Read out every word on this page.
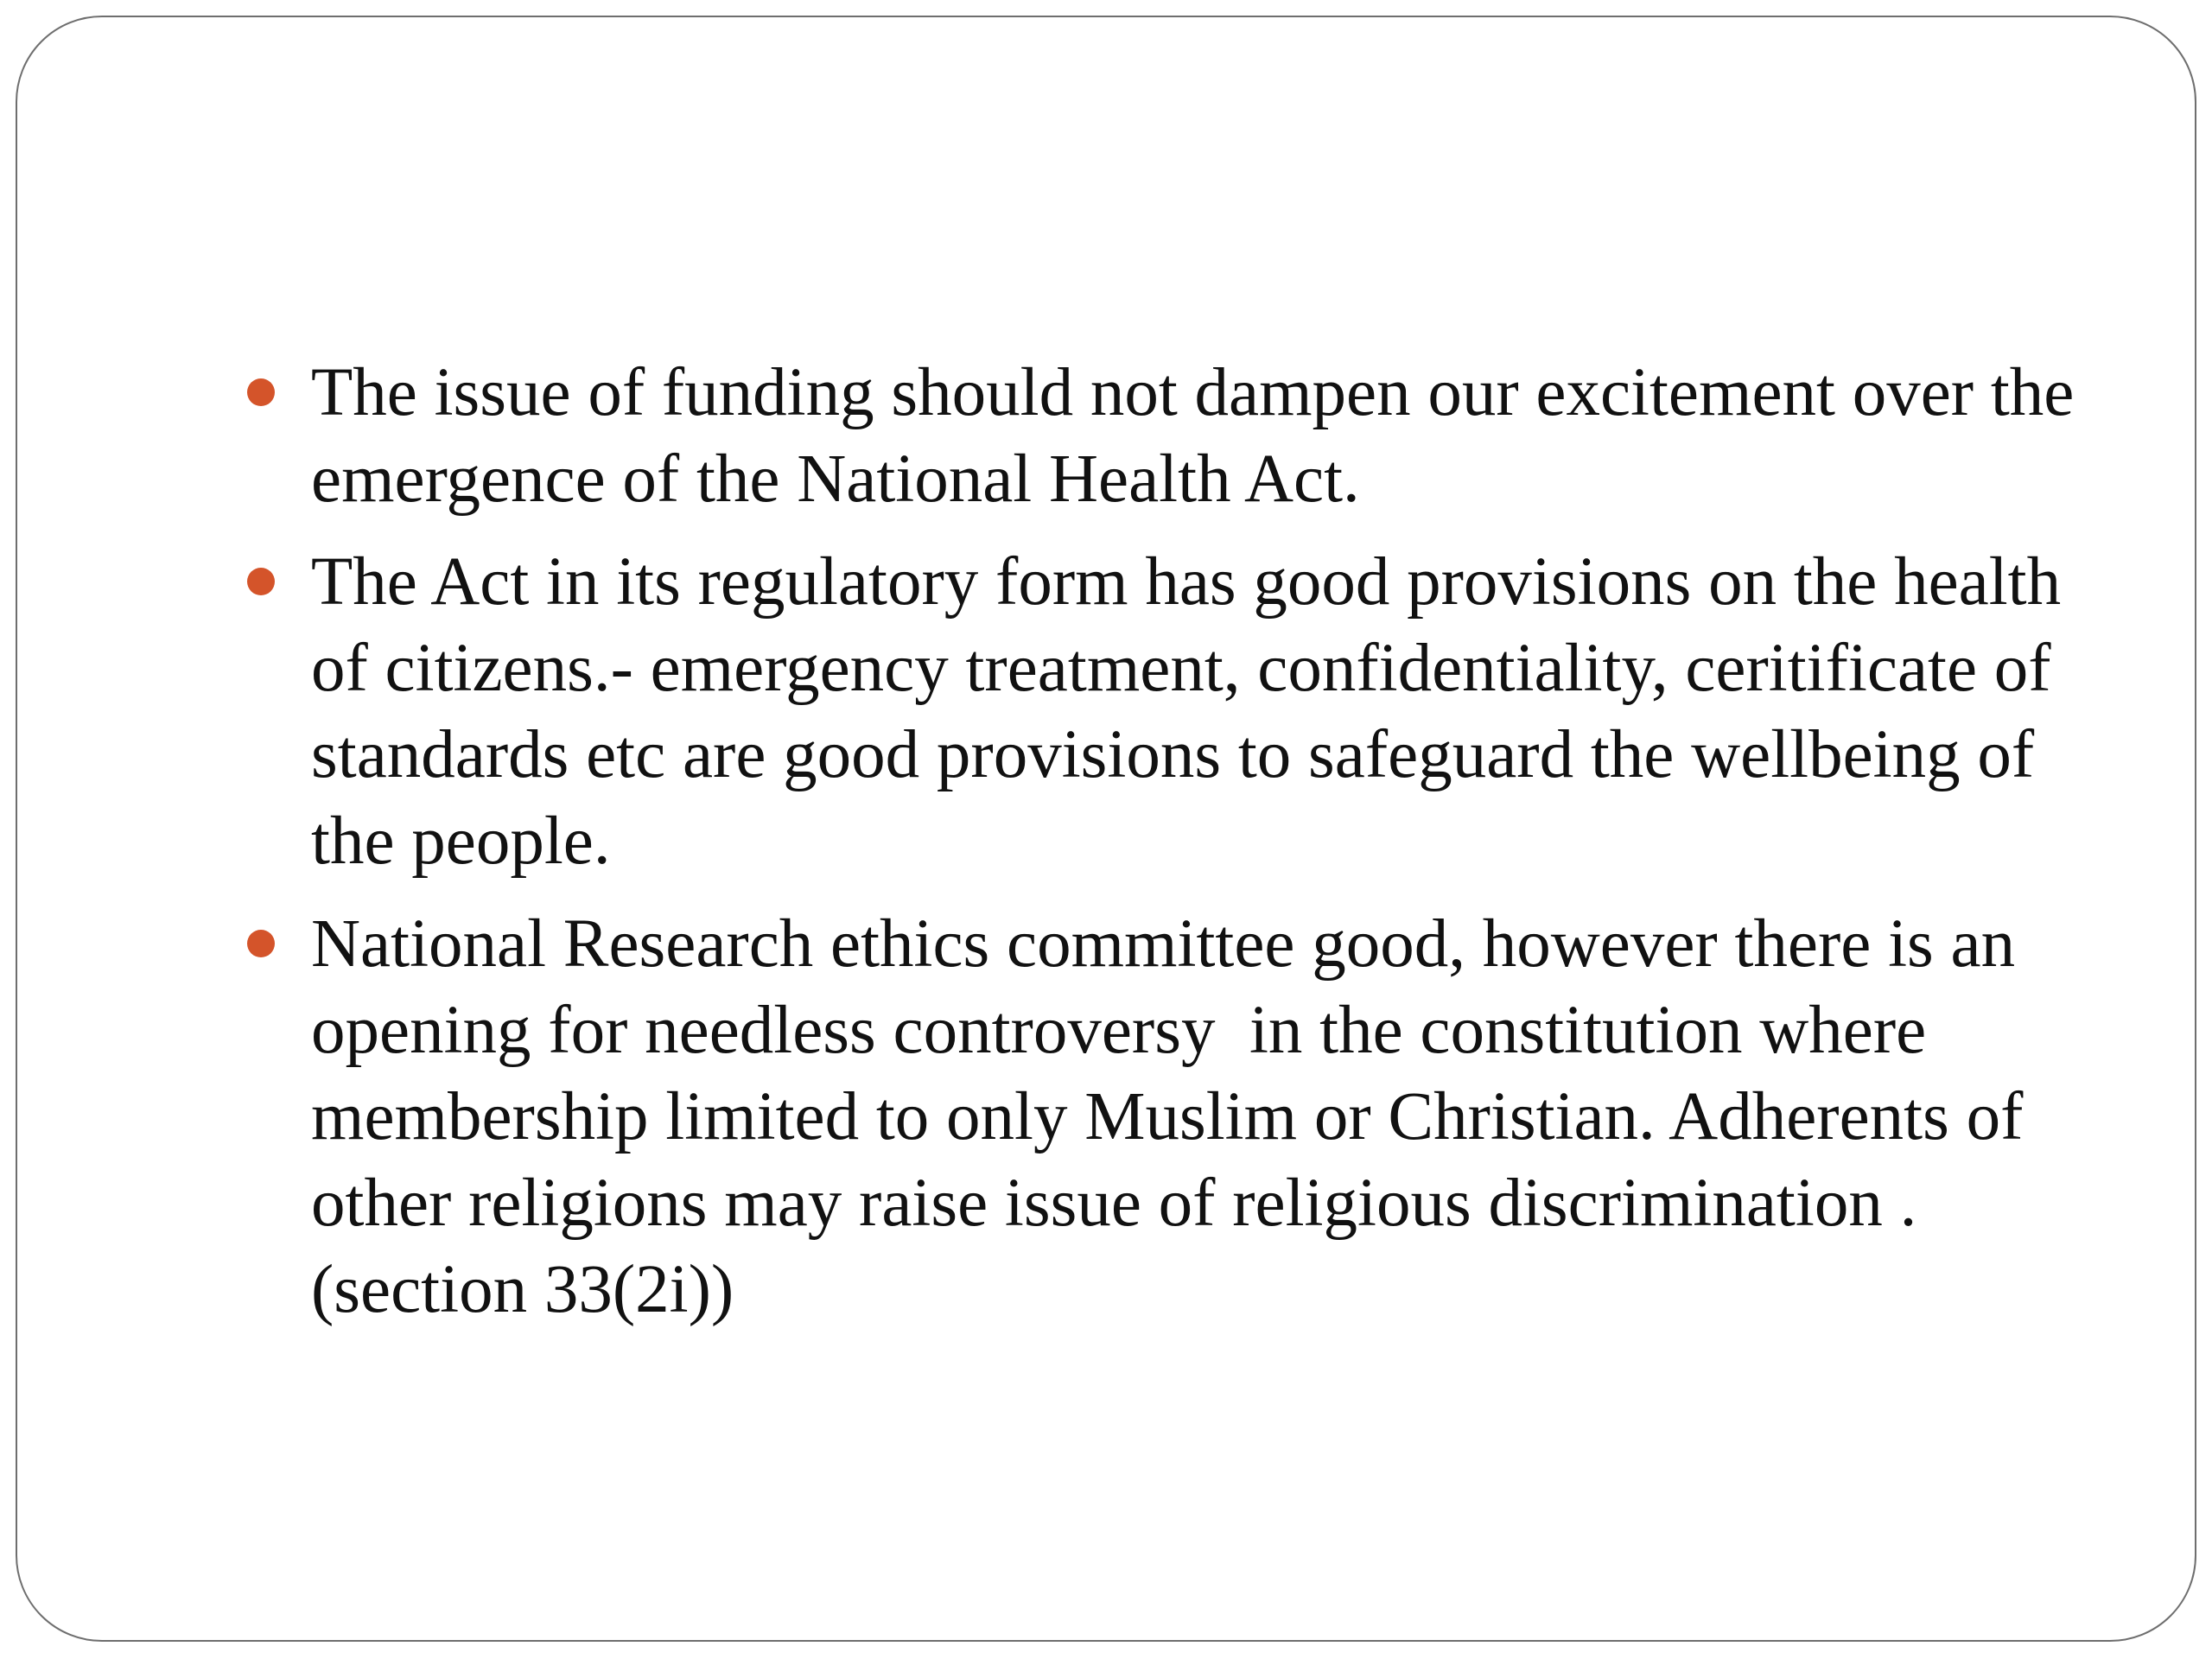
The issue of funding should not dampen our excitement over the emergence of the National Health Act.
The Act in its regulatory form has good provisions on the health of citizens.- emergency treatment, confidentiality, ceritificate of standards etc are good provisions to safeguard the wellbeing of the people.
National Research ethics committee good, however there is an opening for needless controversy  in the constitution where membership limited to only Muslim or Christian. Adherents of other religions may raise issue of religious discrimination . (section 33(2i))
